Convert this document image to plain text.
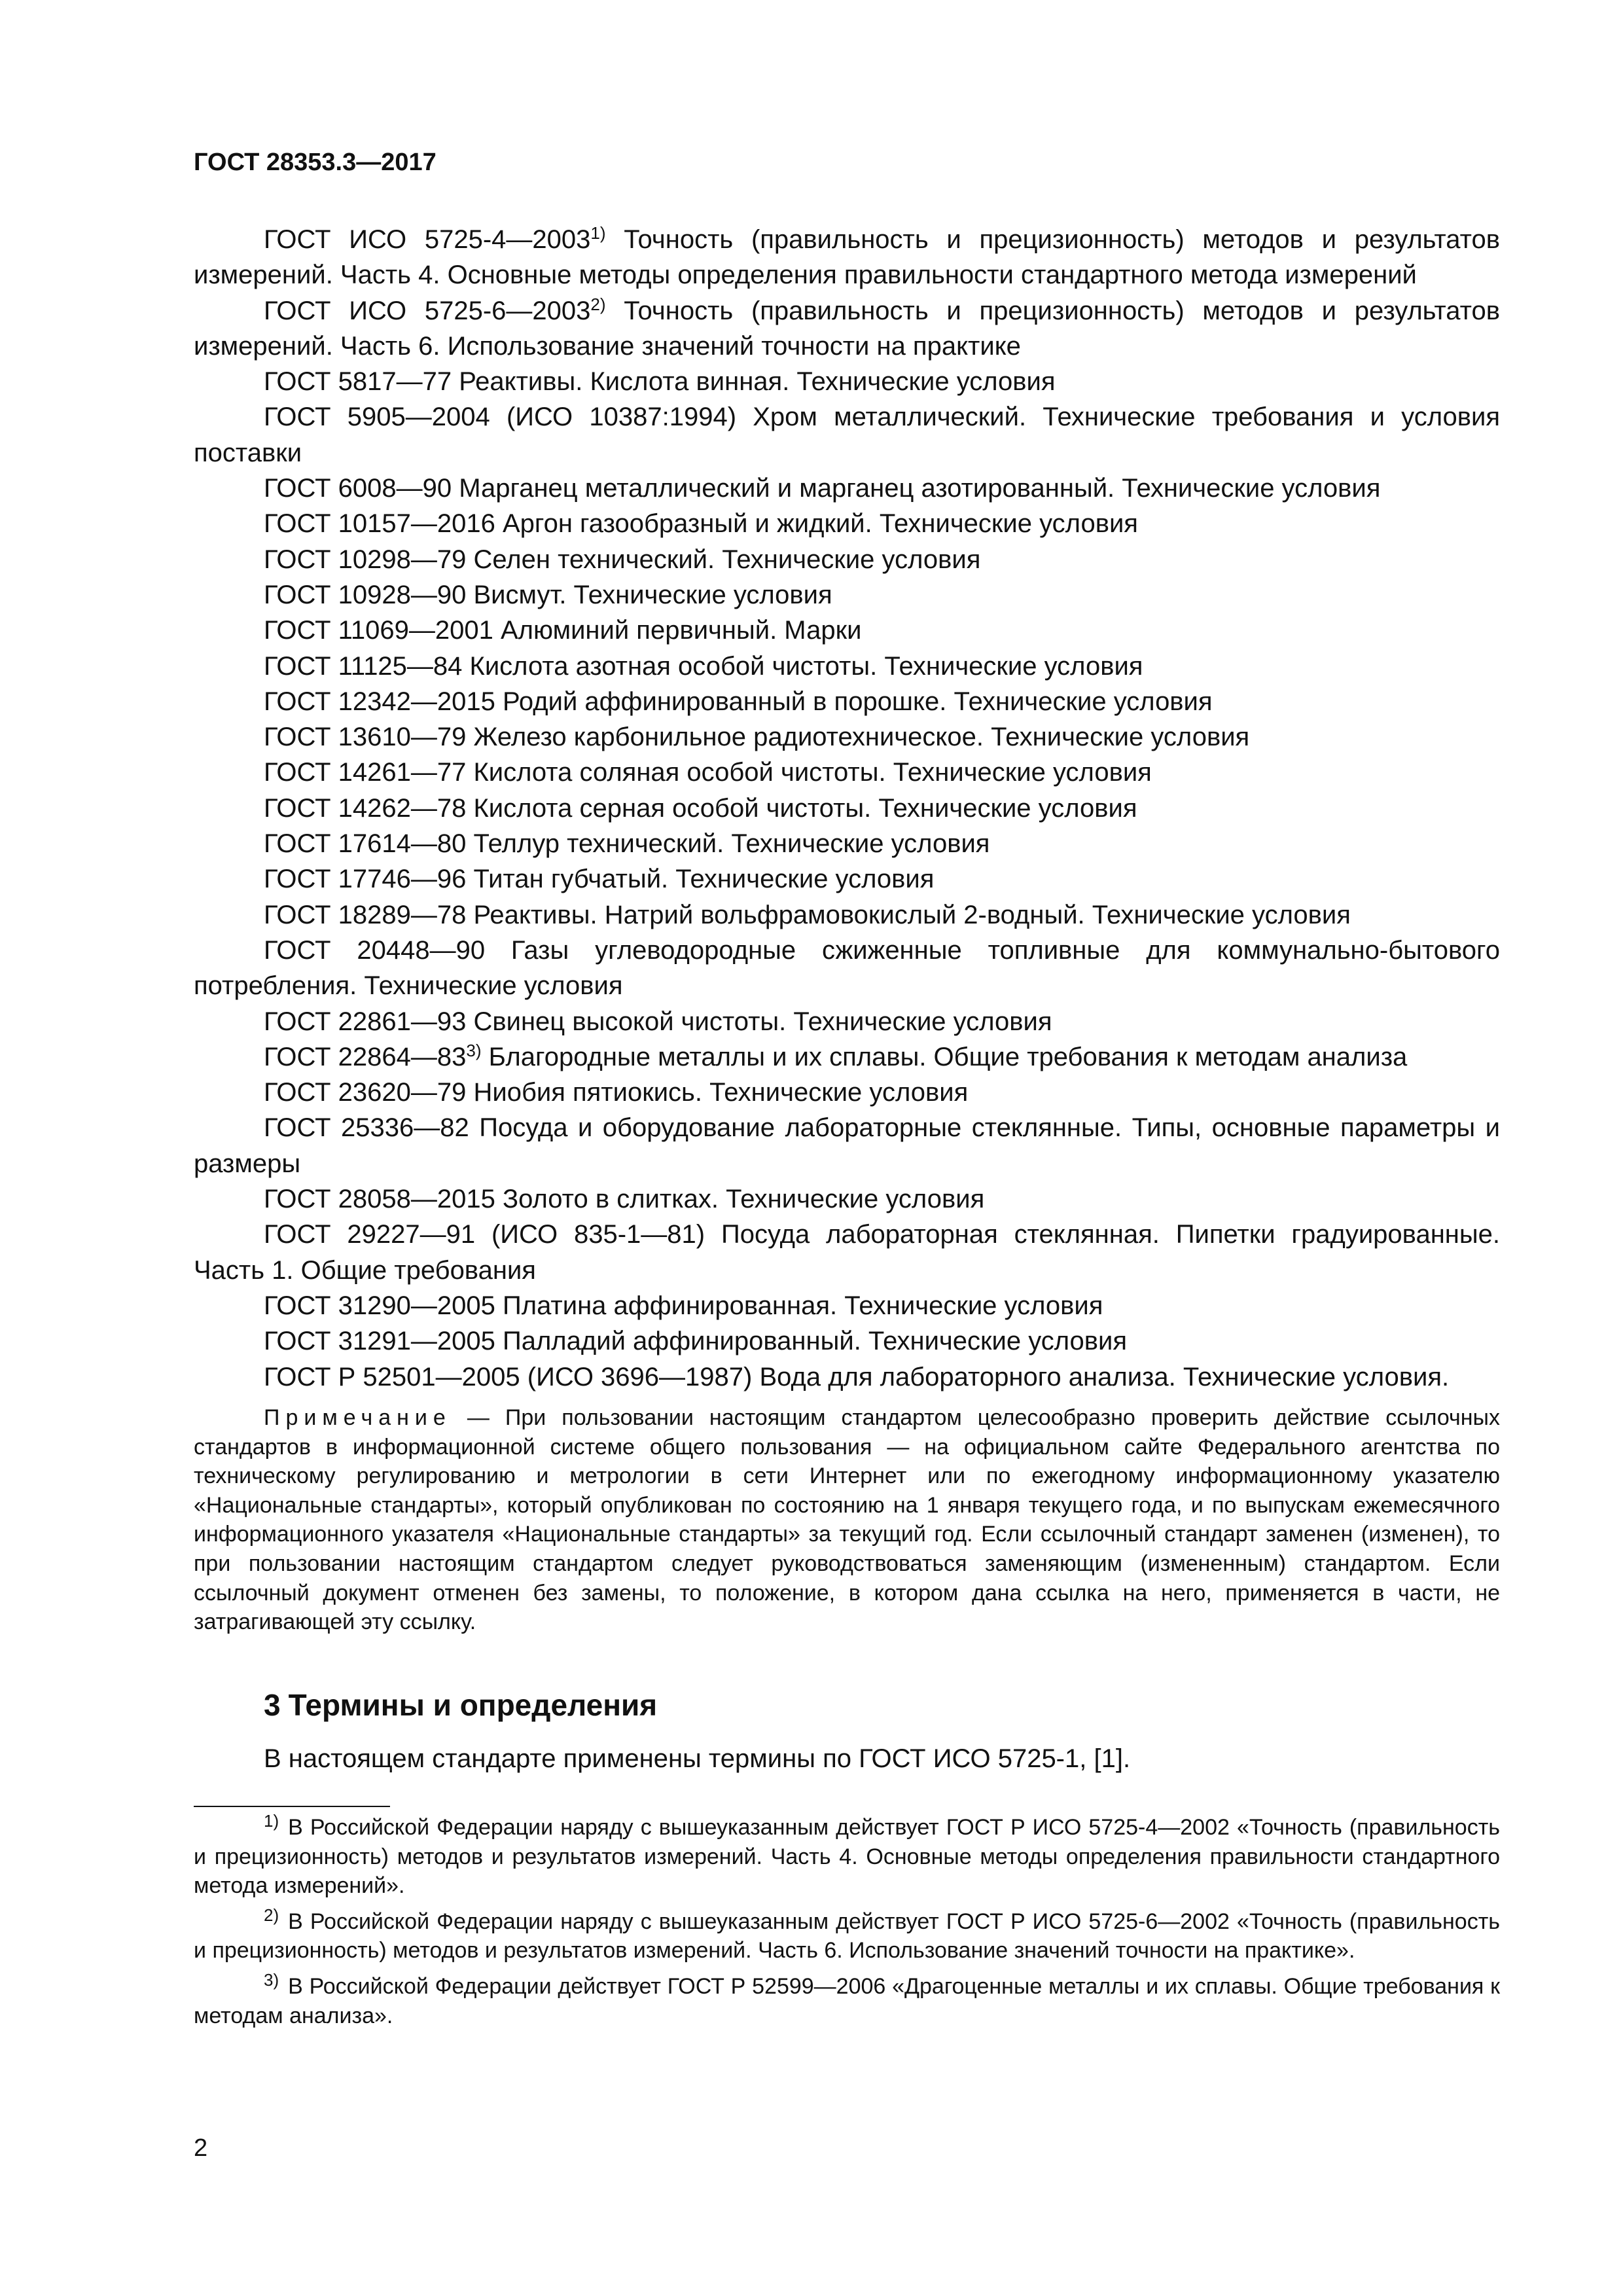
ГОСТ 28353.3—2017

ГОСТ ИСО 5725-4—2003$^{1)}$ Точность (правильность и прецизионность) методов и результатов измерений. Часть 4. Основные методы определения правильности стандартного метода измерений

ГОСТ ИСО 5725-6—2003$^{2)}$ Точность (правильность и прецизионность) методов и результатов измерений. Часть 6. Использование значений точности на практике

ГОСТ 5817—77 Реактивы. Кислота винная. Технические условия

ГОСТ 5905—2004 (ИСО 10387:1994) Хром металлический. Технические требования и условия поставки

ГОСТ 6008—90 Марганец металлический и марганец азотированный. Технические условия

ГОСТ 10157—2016 Аргон газообразный и жидкий. Технические условия

ГОСТ 10298—79 Селен технический. Технические условия

ГОСТ 10928—90 Висмут. Технические условия

ГОСТ 11069—2001 Алюминий первичный. Марки

ГОСТ 11125—84 Кислота азотная особой чистоты. Технические условия

ГОСТ 12342—2015 Родий аффинированный в порошке. Технические условия

ГОСТ 13610—79 Железо карбонильное радиотехническое. Технические условия

ГОСТ 14261—77 Кислота соляная особой чистоты. Технические условия

ГОСТ 14262—78 Кислота серная особой чистоты. Технические условия

ГОСТ 17614—80 Теллур технический. Технические условия

ГОСТ 17746—96 Титан губчатый. Технические условия

ГОСТ 18289—78 Реактивы. Натрий вольфрамовокислый 2-водный. Технические условия

ГОСТ 20448—90 Газы углеводородные сжиженные топливные для коммунально-бытового потребления. Технические условия

ГОСТ 22861—93 Свинец высокой чистоты. Технические условия

ГОСТ 22864—83$^{3)}$ Благородные металлы и их сплавы. Общие требования к методам анализа

ГОСТ 23620—79 Ниобия пятиокись. Технические условия

ГОСТ 25336—82 Посуда и оборудование лабораторные стеклянные. Типы, основные параметры и размеры

ГОСТ 28058—2015 Золото в слитках. Технические условия

ГОСТ 29227—91 (ИСО 835-1—81) Посуда лабораторная стеклянная. Пипетки градуированные. Часть 1. Общие требования

ГОСТ 31290—2005 Платина аффинированная. Технические условия

ГОСТ 31291—2005 Палладий аффинированный. Технические условия

ГОСТ Р 52501—2005 (ИСО 3696—1987) Вода для лабораторного анализа. Технические условия.

Примечание — При пользовании настоящим стандартом целесообразно проверить действие ссылочных стандартов в информационной системе общего пользования — на официальном сайте Федерального агентства по техническому регулированию и метрологии в сети Интернет или по ежегодному информационному указателю «Национальные стандарты», который опубликован по состоянию на 1 января текущего года, и по выпускам ежемесячного информационного указателя «Национальные стандарты» за текущий год. Если ссылочный стандарт заменен (изменен), то при пользовании настоящим стандартом следует руководствоваться заменяющим (измененным) стандартом. Если ссылочный документ отменен без замены, то положение, в котором дана ссылка на него, применяется в части, не затрагивающей эту ссылку.

3 Термины и определения

В настоящем стандарте применены термины по ГОСТ ИСО 5725-1, [1].

$^{1)}$ В Российской Федерации наряду с вышеуказанным действует ГОСТ Р ИСО 5725-4—2002 «Точность (правильность и прецизионность) методов и результатов измерений. Часть 4. Основные методы определения правильности стандартного метода измерений».

$^{2)}$ В Российской Федерации наряду с вышеуказанным действует ГОСТ Р ИСО 5725-6—2002 «Точность (правильность и прецизионность) методов и результатов измерений. Часть 6. Использование значений точности на практике».

$^{3)}$ В Российской Федерации действует ГОСТ Р 52599—2006 «Драгоценные металлы и их сплавы. Общие требования к методам анализа».

2
